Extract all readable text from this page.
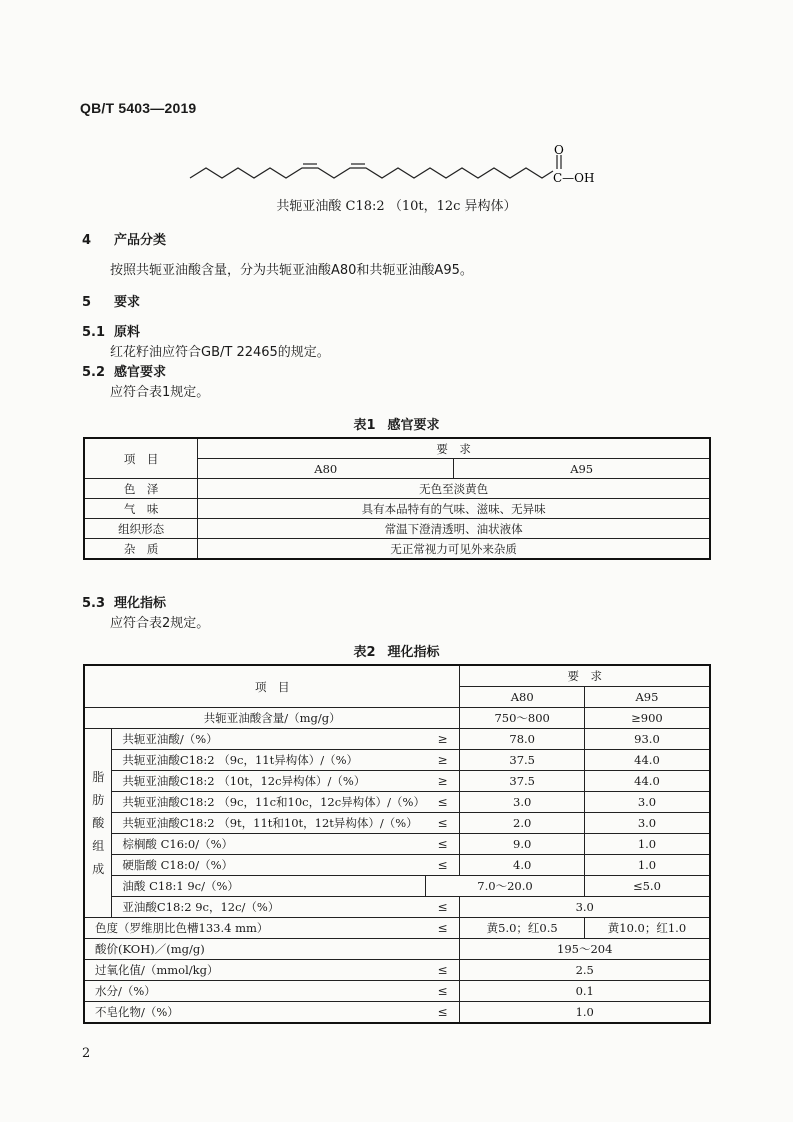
QB/T 5403—2019
O
C—OH
共轭亚油酸 C18:2 （10t，12c 异构体）
4 产品分类
按照共轭亚油酸含量，分为共轭亚油酸A80和共轭亚油酸A95。
5 要求
5.1 原料
红花籽油应符合GB/T 22465的规定。
5.2 感官要求
应符合表1规定。
表1 感官要求
项　目	要　求	
	A80	A95
色　泽	无色至淡黄色	
气　味	具有本品特有的气味、滋味、无异味	
组织形态	常温下澄清透明、油状液体	
杂　质	无正常视力可见外来杂质	
5.3 理化指标
应符合表2规定。
表2 理化指标
项　目			要　求	
			A80	A95
共轭亚油酸含量/（mg/g）			750～800	≥900

脂肪酸组成	共轭亚油酸/（%）	≥	78.0	93.0
	共轭亚油酸C18:2 （9c，11t异构体）/（%）	≥	37.5	44.0
	共轭亚油酸C18:2 （10t，12c异构体）/（%）	≥	37.5	44.0
	共轭亚油酸C18:2 （9c，11c和10c，12c异构体）/（%）	≤	3.0	3.0
	共轭亚油酸C18:2 （9t，11t和10t，12t异构体）/（%）	≤	2.0	3.0
	棕榈酸 C16:0/（%）	≤	9.0	1.0
	硬脂酸 C18:0/（%）	≤	4.0	1.0
	油酸 C18:1 9c/（%）	7.0～20.0		≤5.0
	亚油酸C18:2 9c，12c/（%）	≤	3.0	
色度（罗维朋比色槽133.4 mm）		≤	黄5.0；红0.5	黄10.0；红1.0
酸价(KOH)／(mg/g)			195～204	
过氧化值/（mmol/kg）		≤	2.5	
水分/（%）		≤	0.1	
不皂化物/（%）		≤	1.0	
2
